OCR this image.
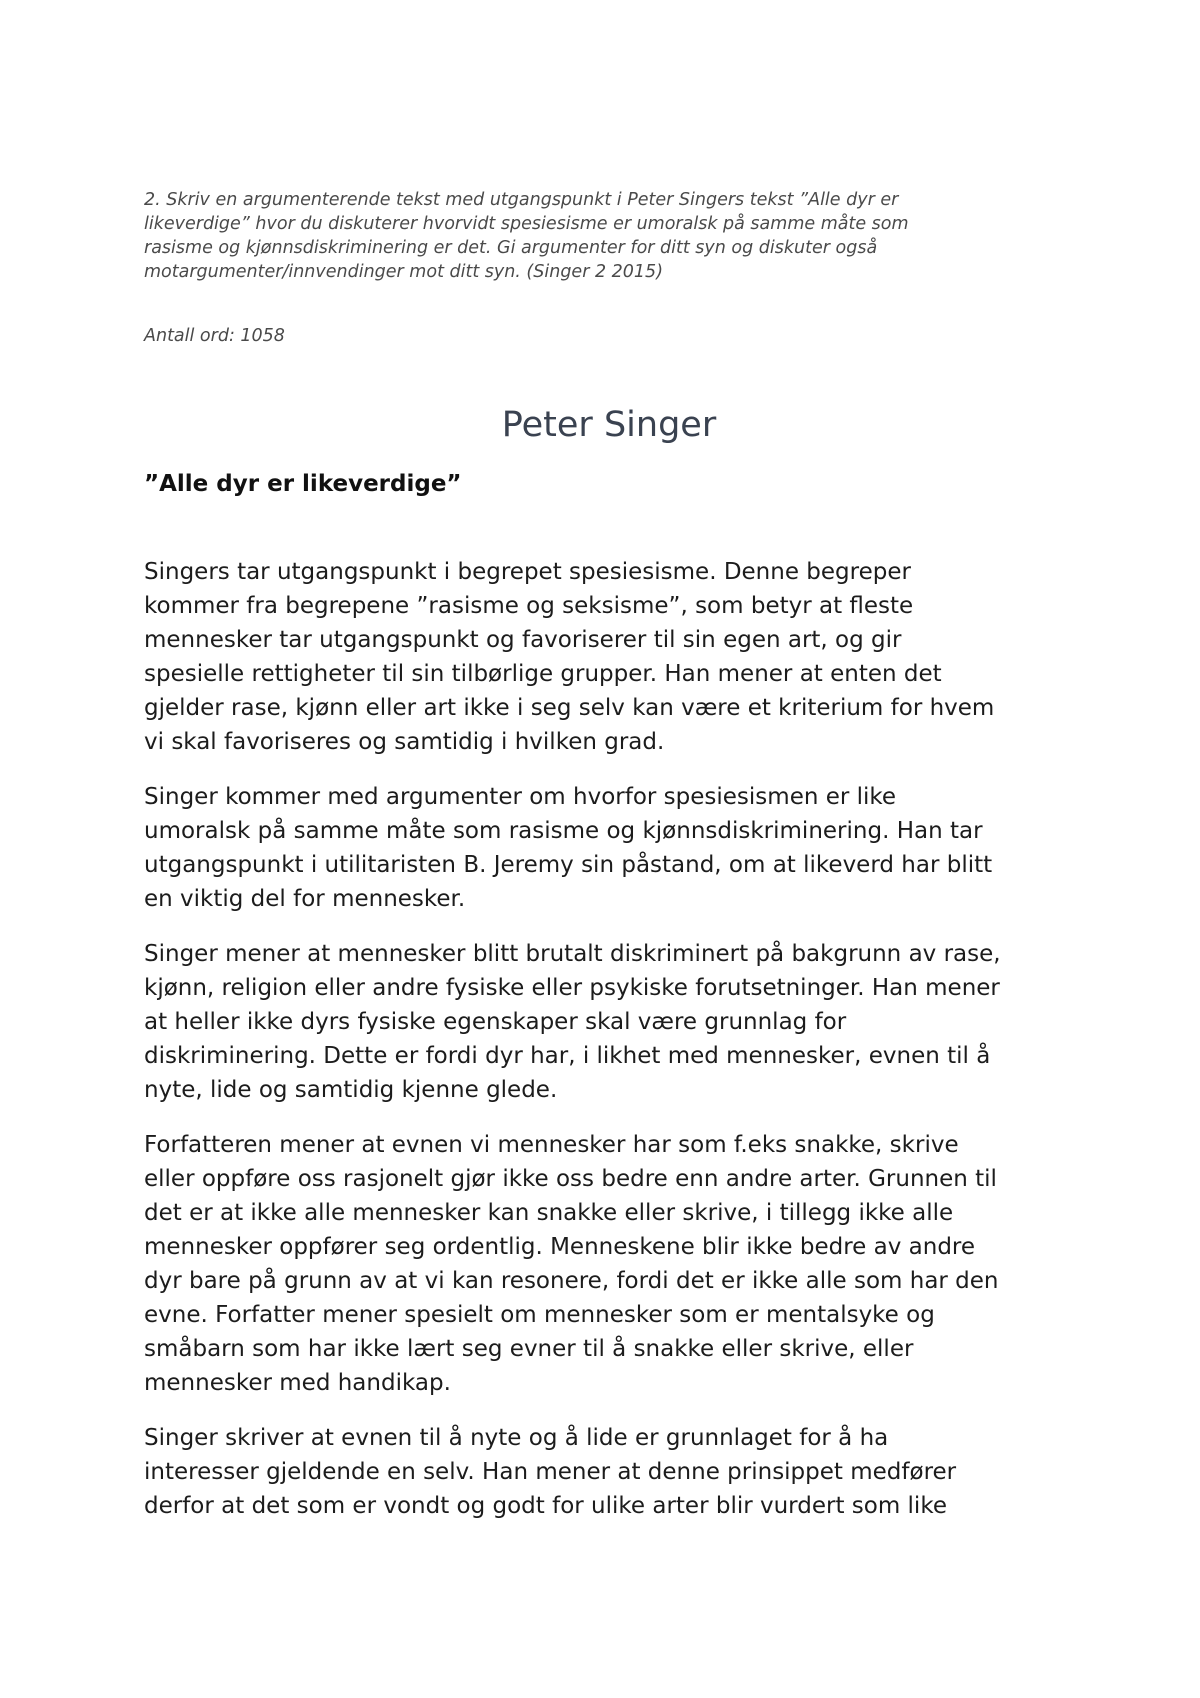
2. Skriv en argumenterende tekst med utgangspunkt i Peter Singers tekst ”Alle dyr er
likeverdige” hvor du diskuterer hvorvidt spesiesisme er umoralsk på samme måte som
rasisme og kjønnsdiskriminering er det. Gi argumenter for ditt syn og diskuter også
motargumenter/innvendinger mot ditt syn. (Singer 2 2015)

Antall ord: 1058

Peter Singer
”Alle dyr er likeverdige”

Singers tar utgangspunkt i begrepet spesiesisme. Denne begreper
kommer fra begrepene ”rasisme og seksisme”, som betyr at fleste
mennesker tar utgangspunkt og favoriserer til sin egen art, og gir
spesielle rettigheter til sin tilbørlige grupper. Han mener at enten det
gjelder rase, kjønn eller art ikke i seg selv kan være et kriterium for hvem
vi skal favoriseres og samtidig i hvilken grad.

Singer kommer med argumenter om hvorfor spesiesismen er like
umoralsk på samme måte som rasisme og kjønnsdiskriminering. Han tar
utgangspunkt i utilitaristen B. Jeremy sin påstand, om at likeverd har blitt
en viktig del for mennesker.

Singer mener at mennesker blitt brutalt diskriminert på bakgrunn av rase,
kjønn, religion eller andre fysiske eller psykiske forutsetninger. Han mener
at heller ikke dyrs fysiske egenskaper skal være grunnlag for
diskriminering. Dette er fordi dyr har, i likhet med mennesker, evnen til å
nyte, lide og samtidig kjenne glede.

Forfatteren mener at evnen vi mennesker har som f.eks snakke, skrive
eller oppføre oss rasjonelt gjør ikke oss bedre enn andre arter. Grunnen til
det er at ikke alle mennesker kan snakke eller skrive, i tillegg ikke alle
mennesker oppfører seg ordentlig. Menneskene blir ikke bedre av andre
dyr bare på grunn av at vi kan resonere, fordi det er ikke alle som har den
evne. Forfatter mener spesielt om mennesker som er mentalsyke og
småbarn som har ikke lært seg evner til å snakke eller skrive, eller
mennesker med handikap.

Singer skriver at evnen til å nyte og å lide er grunnlaget for å ha
interesser gjeldende en selv. Han mener at denne prinsippet medfører
derfor at det som er vondt og godt for ulike arter blir vurdert som like
